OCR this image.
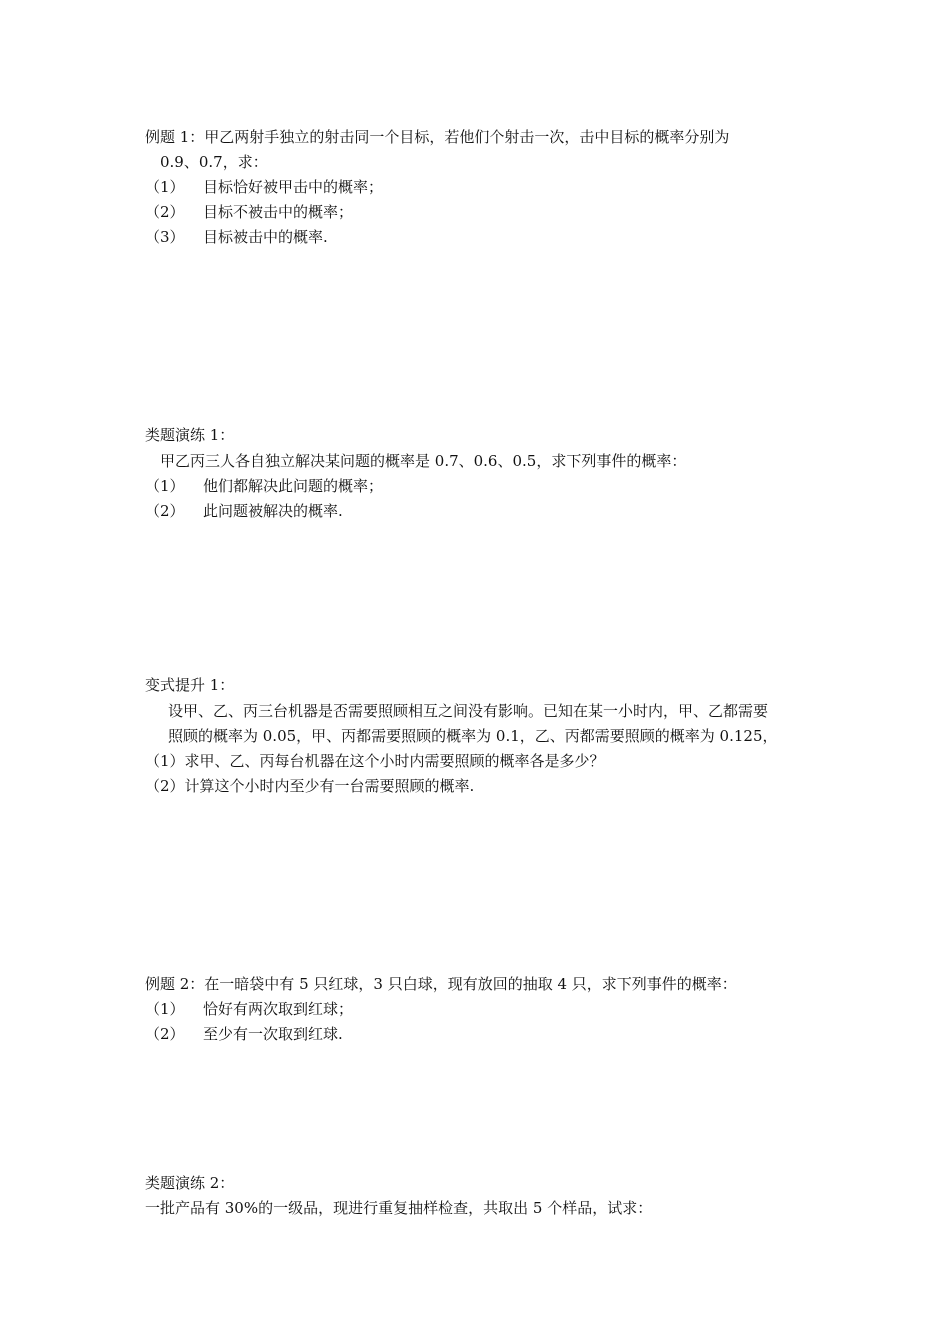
例题 1：甲乙两射手独立的射击同一个目标，若他们个射击一次，击中目标的概率分别为
0.9、0.7，求：
（1） 目标恰好被甲击中的概率；
（2） 目标不被击中的概率；
（3） 目标被击中的概率.
类题演练 1：
甲乙丙三人各自独立解决某问题的概率是 0.7、0.6、0.5，求下列事件的概率：
（1） 他们都解决此问题的概率；
（2） 此问题被解决的概率.
变式提升 1：
设甲、乙、丙三台机器是否需要照顾相互之间没有影响。已知在某一小时内，甲、乙都需要
照顾的概率为 0.05，甲、丙都需要照顾的概率为 0.1，乙、丙都需要照顾的概率为 0.125，
（1）求甲、乙、丙每台机器在这个小时内需要照顾的概率各是多少？
（2）计算这个小时内至少有一台需要照顾的概率.
例题 2：在一暗袋中有 5 只红球，3 只白球，现有放回的抽取 4 只，求下列事件的概率：
（1） 恰好有两次取到红球；
（2） 至少有一次取到红球.
类题演练 2：
一批产品有 30%的一级品，现进行重复抽样检查，共取出 5 个样品，试求：
